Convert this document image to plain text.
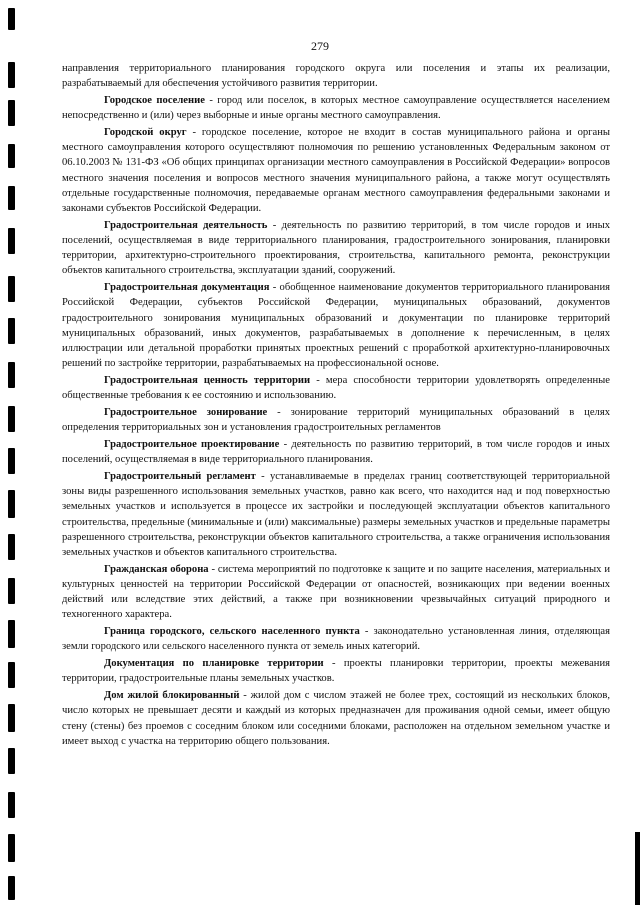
279

направления территориального планирования городского округа или поселения и этапы их реализации, разрабатываемый для обеспечения устойчивого развития территории.

Городское поселение - город или поселок, в которых местное самоуправление осуществляется населением непосредственно и (или) через выборные и иные органы местного самоуправления.

Городской округ - городское поселение, которое не входит в состав муниципального района и органы местного самоуправления которого осуществляют полномочия по решению установленных Федеральным законом от 06.10.2003 № 131-ФЗ «Об общих принципах организации местного самоуправления в Российской Федерации» вопросов местного значения поселения и вопросов местного значения муниципального района, а также могут осуществлять отдельные государственные полномочия, передаваемые органам местного самоуправления федеральными законами и законами субъектов Российской Федерации.

Градостроительная деятельность - деятельность по развитию территорий, в том числе городов и иных поселений, осуществляемая в виде территориального планирования, градостроительного зонирования, планировки территории, архитектурно-строительного проектирования, строительства, капитального ремонта, реконструкции объектов капитального строительства, эксплуатации зданий, сооружений.

Градостроительная документация - обобщенное наименование документов территориального планирования Российской Федерации, субъектов Российской Федерации, муниципальных образований, документов градостроительного зонирования муниципальных образований и документации по планировке территорий муниципальных образований, иных документов, разрабатываемых в дополнение к перечисленным, в целях иллюстрации или детальной проработки принятых проектных решений с проработкой архитектурно-планировочных решений по застройке территории, разрабатываемых на профессиональной основе.

Градостроительная ценность территории - мера способности территории удовлетворять определенные общественные требования к ее состоянию и использованию.

Градостроительное зонирование - зонирование территорий муниципальных образований в целях определения территориальных зон и установления градостроительных регламентов

Градостроительное проектирование - деятельность по развитию территорий, в том числе городов и иных поселений, осуществляемая в виде территориального планирования.

Градостроительный регламент - устанавливаемые в пределах границ соответствующей территориальной зоны виды разрешенного использования земельных участков, равно как всего, что находится над и под поверхностью земельных участков и используется в процессе их застройки и последующей эксплуатации объектов капитального строительства, предельные (минимальные и (или) максимальные) размеры земельных участков и предельные параметры разрешенного строительства, реконструкции объектов капитального строительства, а также ограничения использования земельных участков и объектов капитального строительства.

Гражданская оборона - система мероприятий по подготовке к защите и по защите населения, материальных и культурных ценностей на территории Российской Федерации от опасностей, возникающих при ведении военных действий или вследствие этих действий, а также при возникновении чрезвычайных ситуаций природного и техногенного характера.

Граница городского, сельского населенного пункта - законодательно установленная линия, отделяющая земли городского или сельского населенного пункта от земель иных категорий.

Документация по планировке территории - проекты планировки территории, проекты межевания территории, градостроительные планы земельных участков.

Дом жилой блокированный - жилой дом с числом этажей не более трех, состоящий из нескольких блоков, число которых не превышает десяти и каждый из которых предназначен для проживания одной семьи, имеет общую стену (стены) без проемов с соседним блоком или соседними блоками, расположен на отдельном земельном участке и имеет выход с участка на территорию общего пользования.
